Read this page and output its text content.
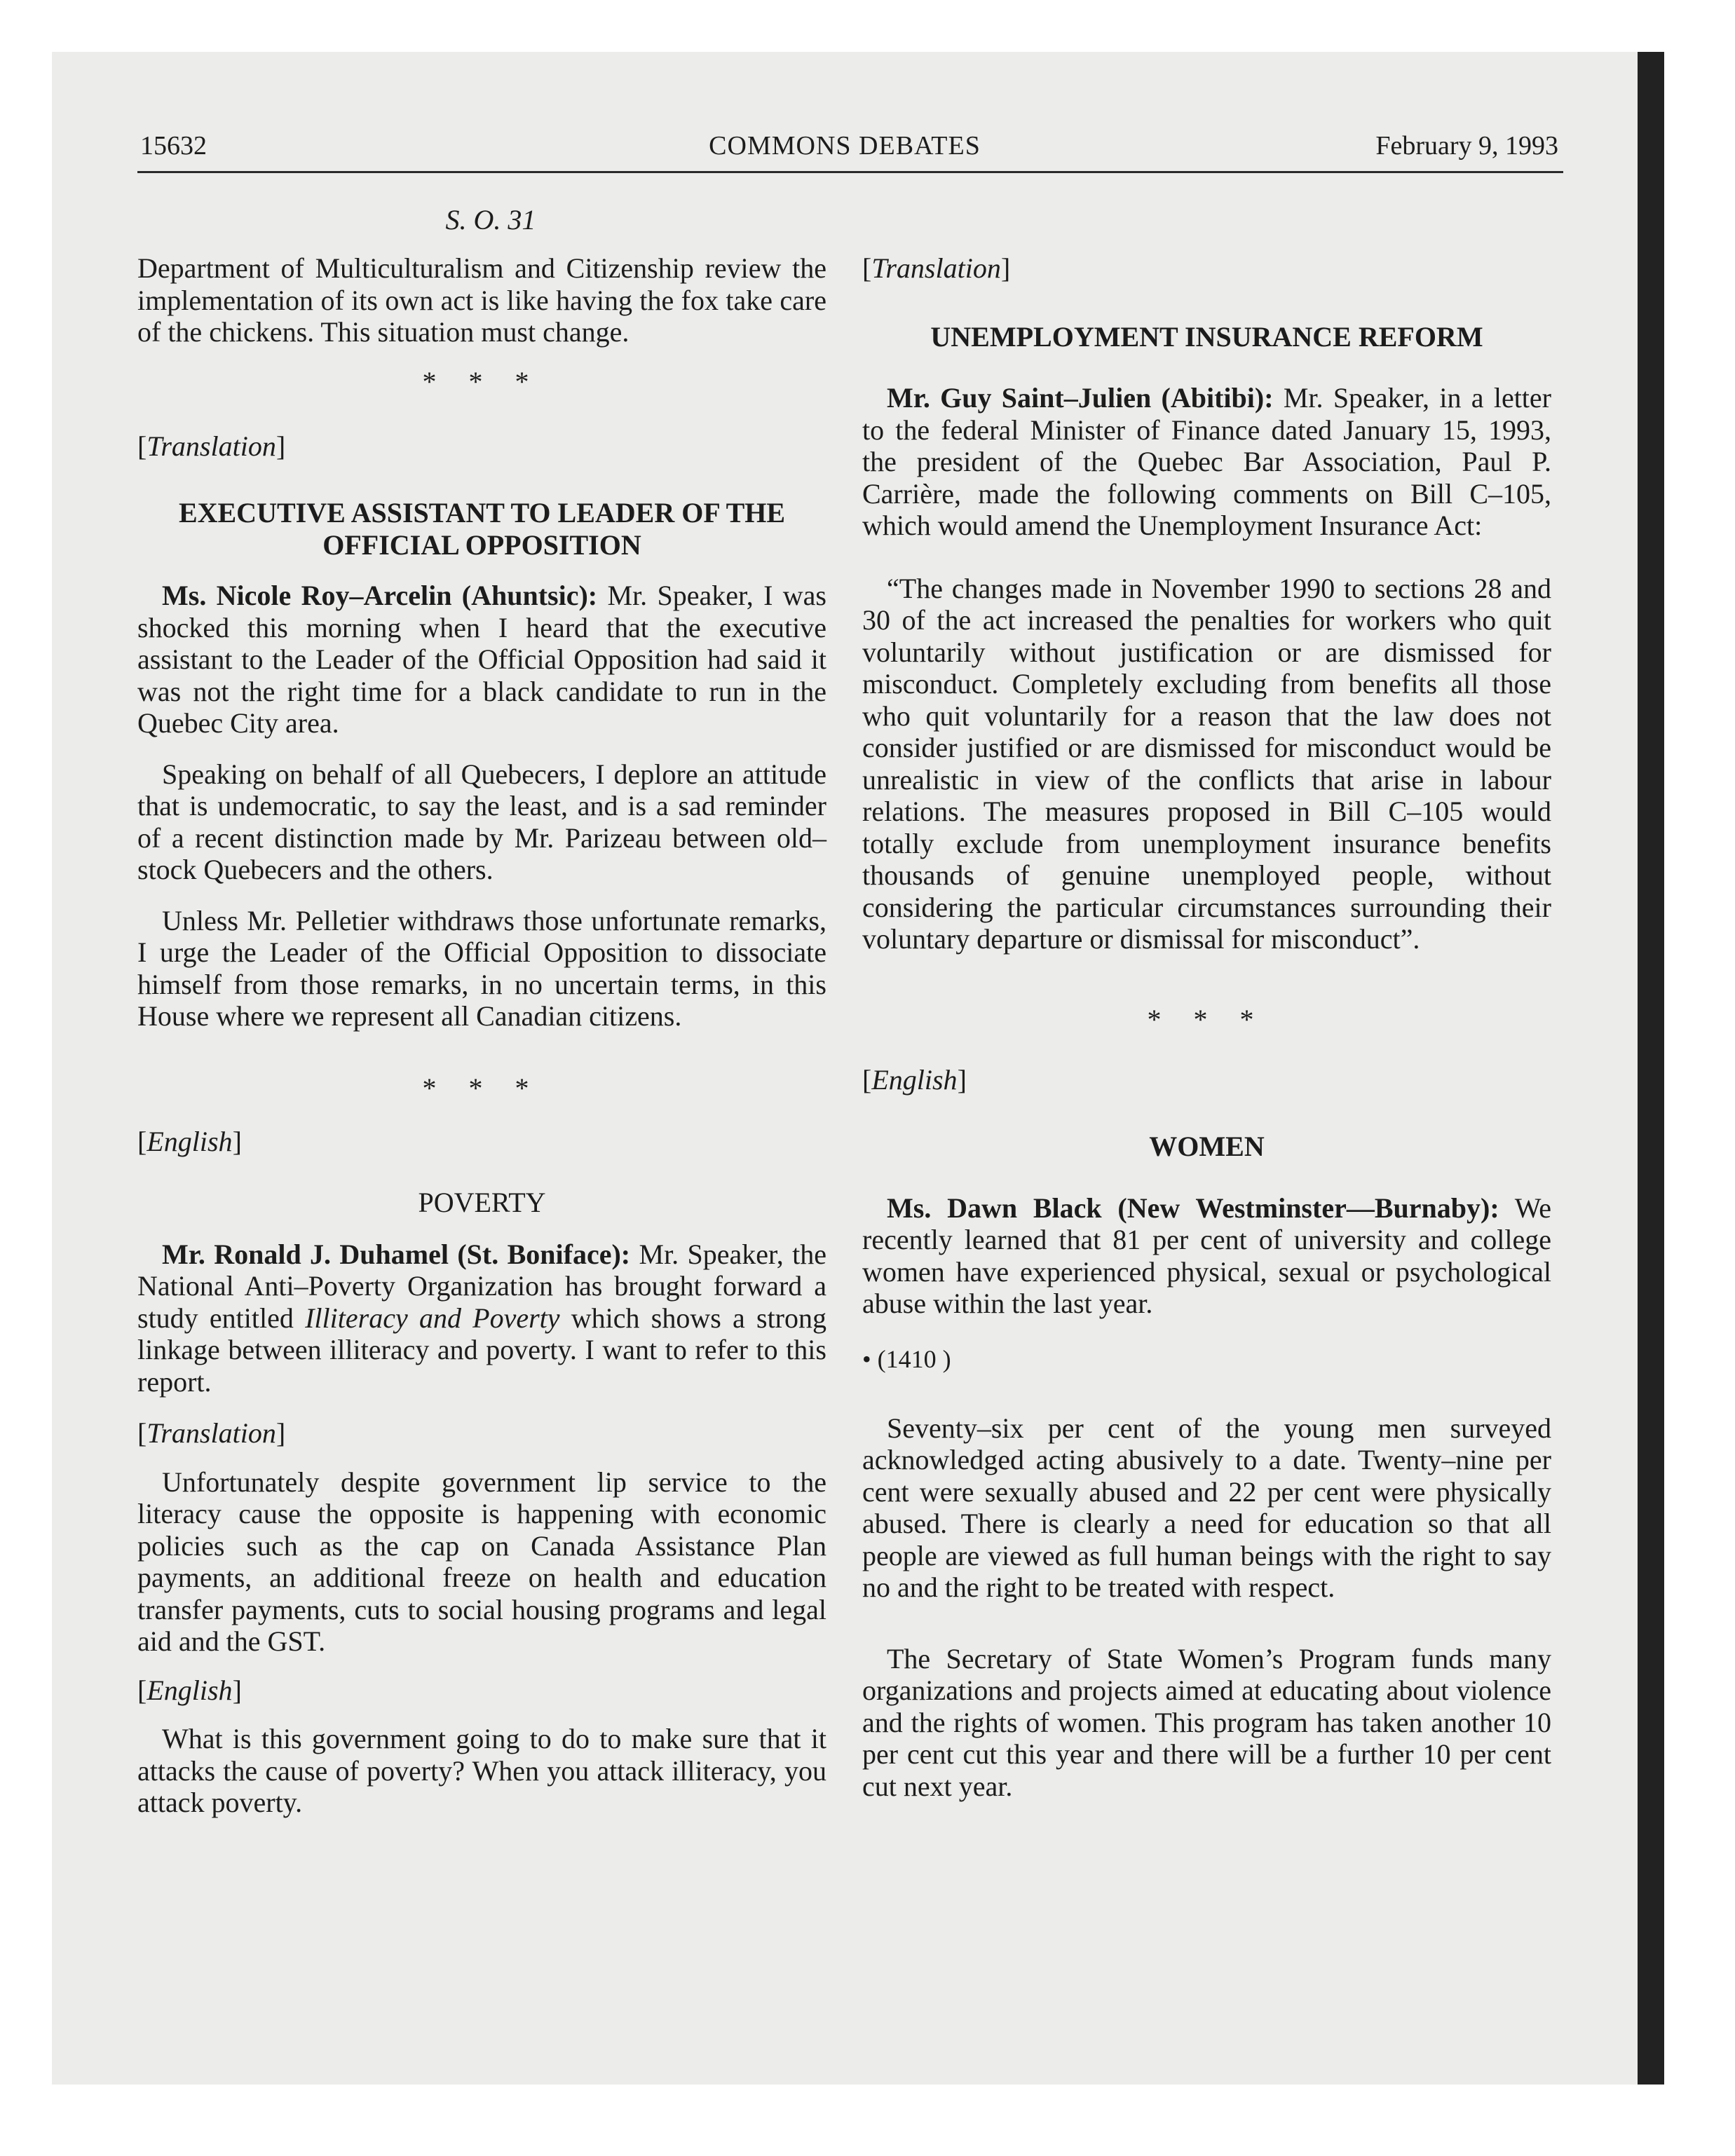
15632	COMMONS DEBATES	February 9, 1993
S. O. 31

Department of Multiculturalism and Citizenship review the implementation of its own act is like having the fox take care of the chickens. This situation must change.

* * *
[Translation]
EXECUTIVE ASSISTANT TO LEADER OF THE OFFICIAL OPPOSITION

Ms. Nicole Roy–Arcelin (Ahuntsic): Mr. Speaker, I was shocked this morning when I heard that the executive assistant to the Leader of the Official Opposition had said it was not the right time for a black candidate to run in the Quebec City area.

Speaking on behalf of all Quebecers, I deplore an attitude that is undemocratic, to say the least, and is a sad reminder of a recent distinction made by Mr. Parizeau between old–stock Quebecers and the others.

Unless Mr. Pelletier withdraws those unfortunate remarks, I urge the Leader of the Official Opposition to dissociate himself from those remarks, in no uncertain terms, in this House where we represent all Canadian citizens.

* * *
[English]
POVERTY

Mr. Ronald J. Duhamel (St. Boniface): Mr. Speaker, the National Anti–Poverty Organization has brought forward a study entitled Illiteracy and Poverty which shows a strong linkage between illiteracy and poverty. I want to refer to this report.

[Translation]

Unfortunately despite government lip service to the literacy cause the opposite is happening with economic policies such as the cap on Canada Assistance Plan payments, an additional freeze on health and education transfer payments, cuts to social housing programs and legal aid and the GST.

[English]

What is this government going to do to make sure that it attacks the cause of poverty? When you attack illiteracy, you attack poverty.

[Translation]
UNEMPLOYMENT INSURANCE REFORM

Mr. Guy Saint–Julien (Abitibi): Mr. Speaker, in a letter to the federal Minister of Finance dated January 15, 1993, the president of the Quebec Bar Association, Paul P. Carrière, made the following comments on Bill C–105, which would amend the Unemployment Insurance Act:

“The changes made in November 1990 to sections 28 and 30 of the act increased the penalties for workers who quit voluntarily without justification or are dismissed for misconduct. Completely excluding from benefits all those who quit voluntarily for a reason that the law does not consider justified or are dismissed for misconduct would be unrealistic in view of the conflicts that arise in labour relations. The measures proposed in Bill C–105 would totally exclude from unemployment insurance benefits thousands of genuine unemployed people, without considering the particular circumstances surrounding their voluntary departure or dismissal for misconduct”.

* * *
[English]
WOMEN

Ms. Dawn Black (New Westminster—Burnaby): We recently learned that 81 per cent of university and college women have experienced physical, sexual or psychological abuse within the last year.

• (1410 )

Seventy–six per cent of the young men surveyed acknowledged acting abusively to a date. Twenty–nine per cent were sexually abused and 22 per cent were physically abused. There is clearly a need for education so that all people are viewed as full human beings with the right to say no and the right to be treated with respect.

The Secretary of State Women’s Program funds many organizations and projects aimed at educating about violence and the rights of women. This program has taken another 10 per cent cut this year and there will be a further 10 per cent cut next year.
